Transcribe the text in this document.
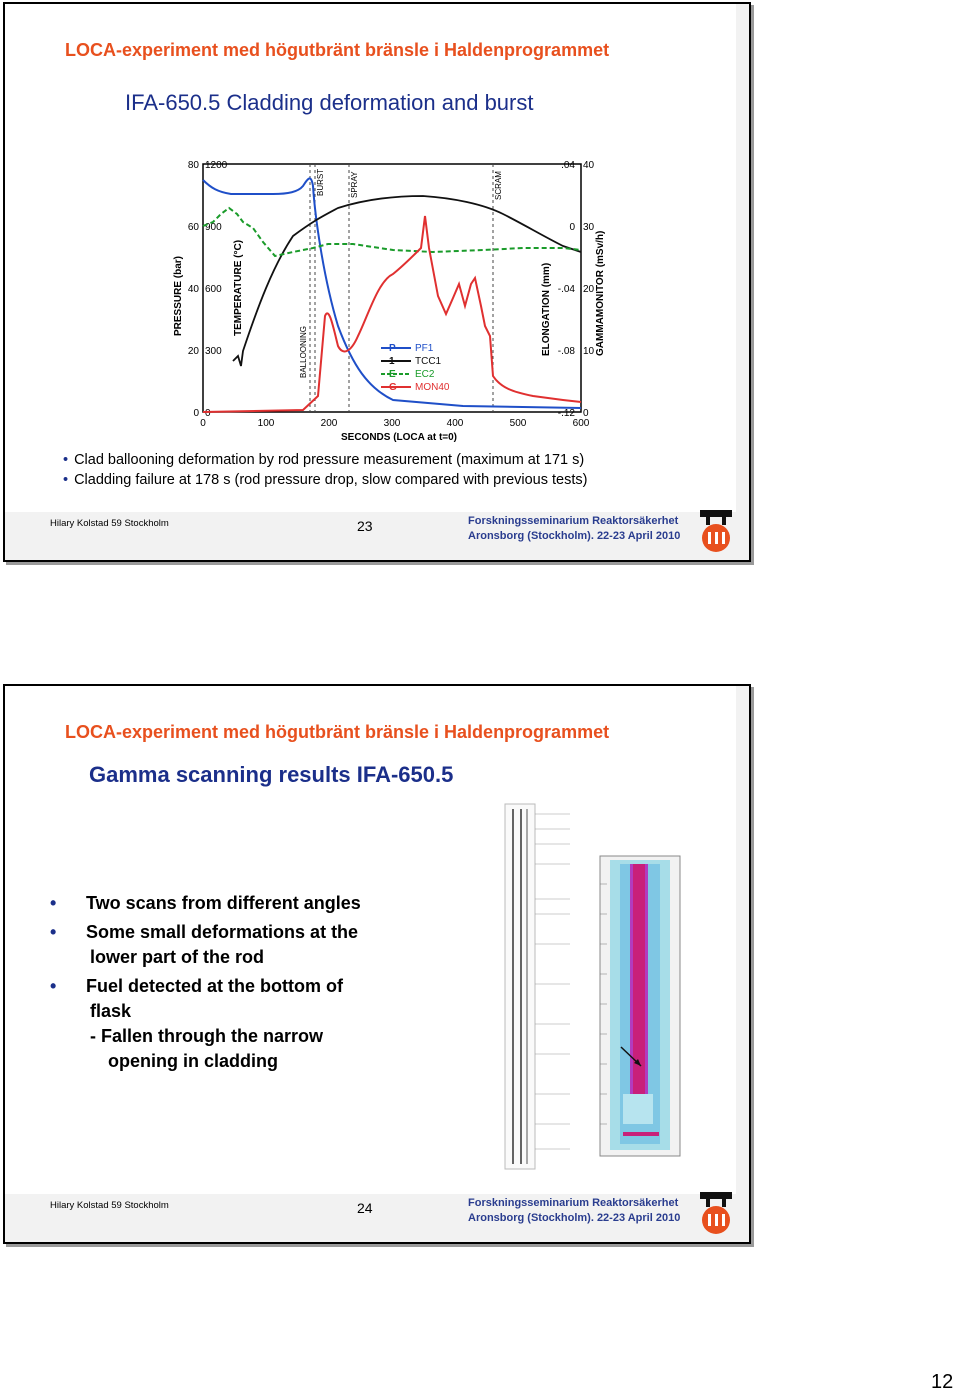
LOCA-experiment med högutbränt bränsle i Haldenprogrammet
IFA-650.5 Cladding deformation and burst
80
60
40
20
0
1200
900
600
300
0
.04
0
-.04
-.08
-.12
40
30
20
10
0
0	100	200	300	400	500	600
SECONDS (LOCA at t=0)
PRESSURE (bar)	TEMPERATURE (°C)	ELONGATION (mm)	GAMMAMONITOR (mSv/h)
BALLOONING
BURST	SPRAY	SCRAM
P PF1
1 TCC1
E EC2
G MON40
• Clad ballooning deformation by rod pressure measurement (maximum at 171 s)
• Cladding failure at 178 s (rod pressure drop, slow compared with previous tests)
Hilary Kolstad 59 Stockholm	23	Forskningsseminarium Reaktorsäkerhet
Aronsborg (Stockholm). 22-23 April 2010
LOCA-experiment med högutbränt bränsle i Haldenprogrammet
Gamma scanning results IFA-650.5
• Two scans from different angles
• Some small deformations at the
lower part of the rod
• Fuel detected at the bottom of
flask
- Fallen through the narrow
opening in cladding
Hilary Kolstad 59 Stockholm	24	Forskningsseminarium Reaktorsäkerhet
Aronsborg (Stockholm). 22-23 April 2010
12
